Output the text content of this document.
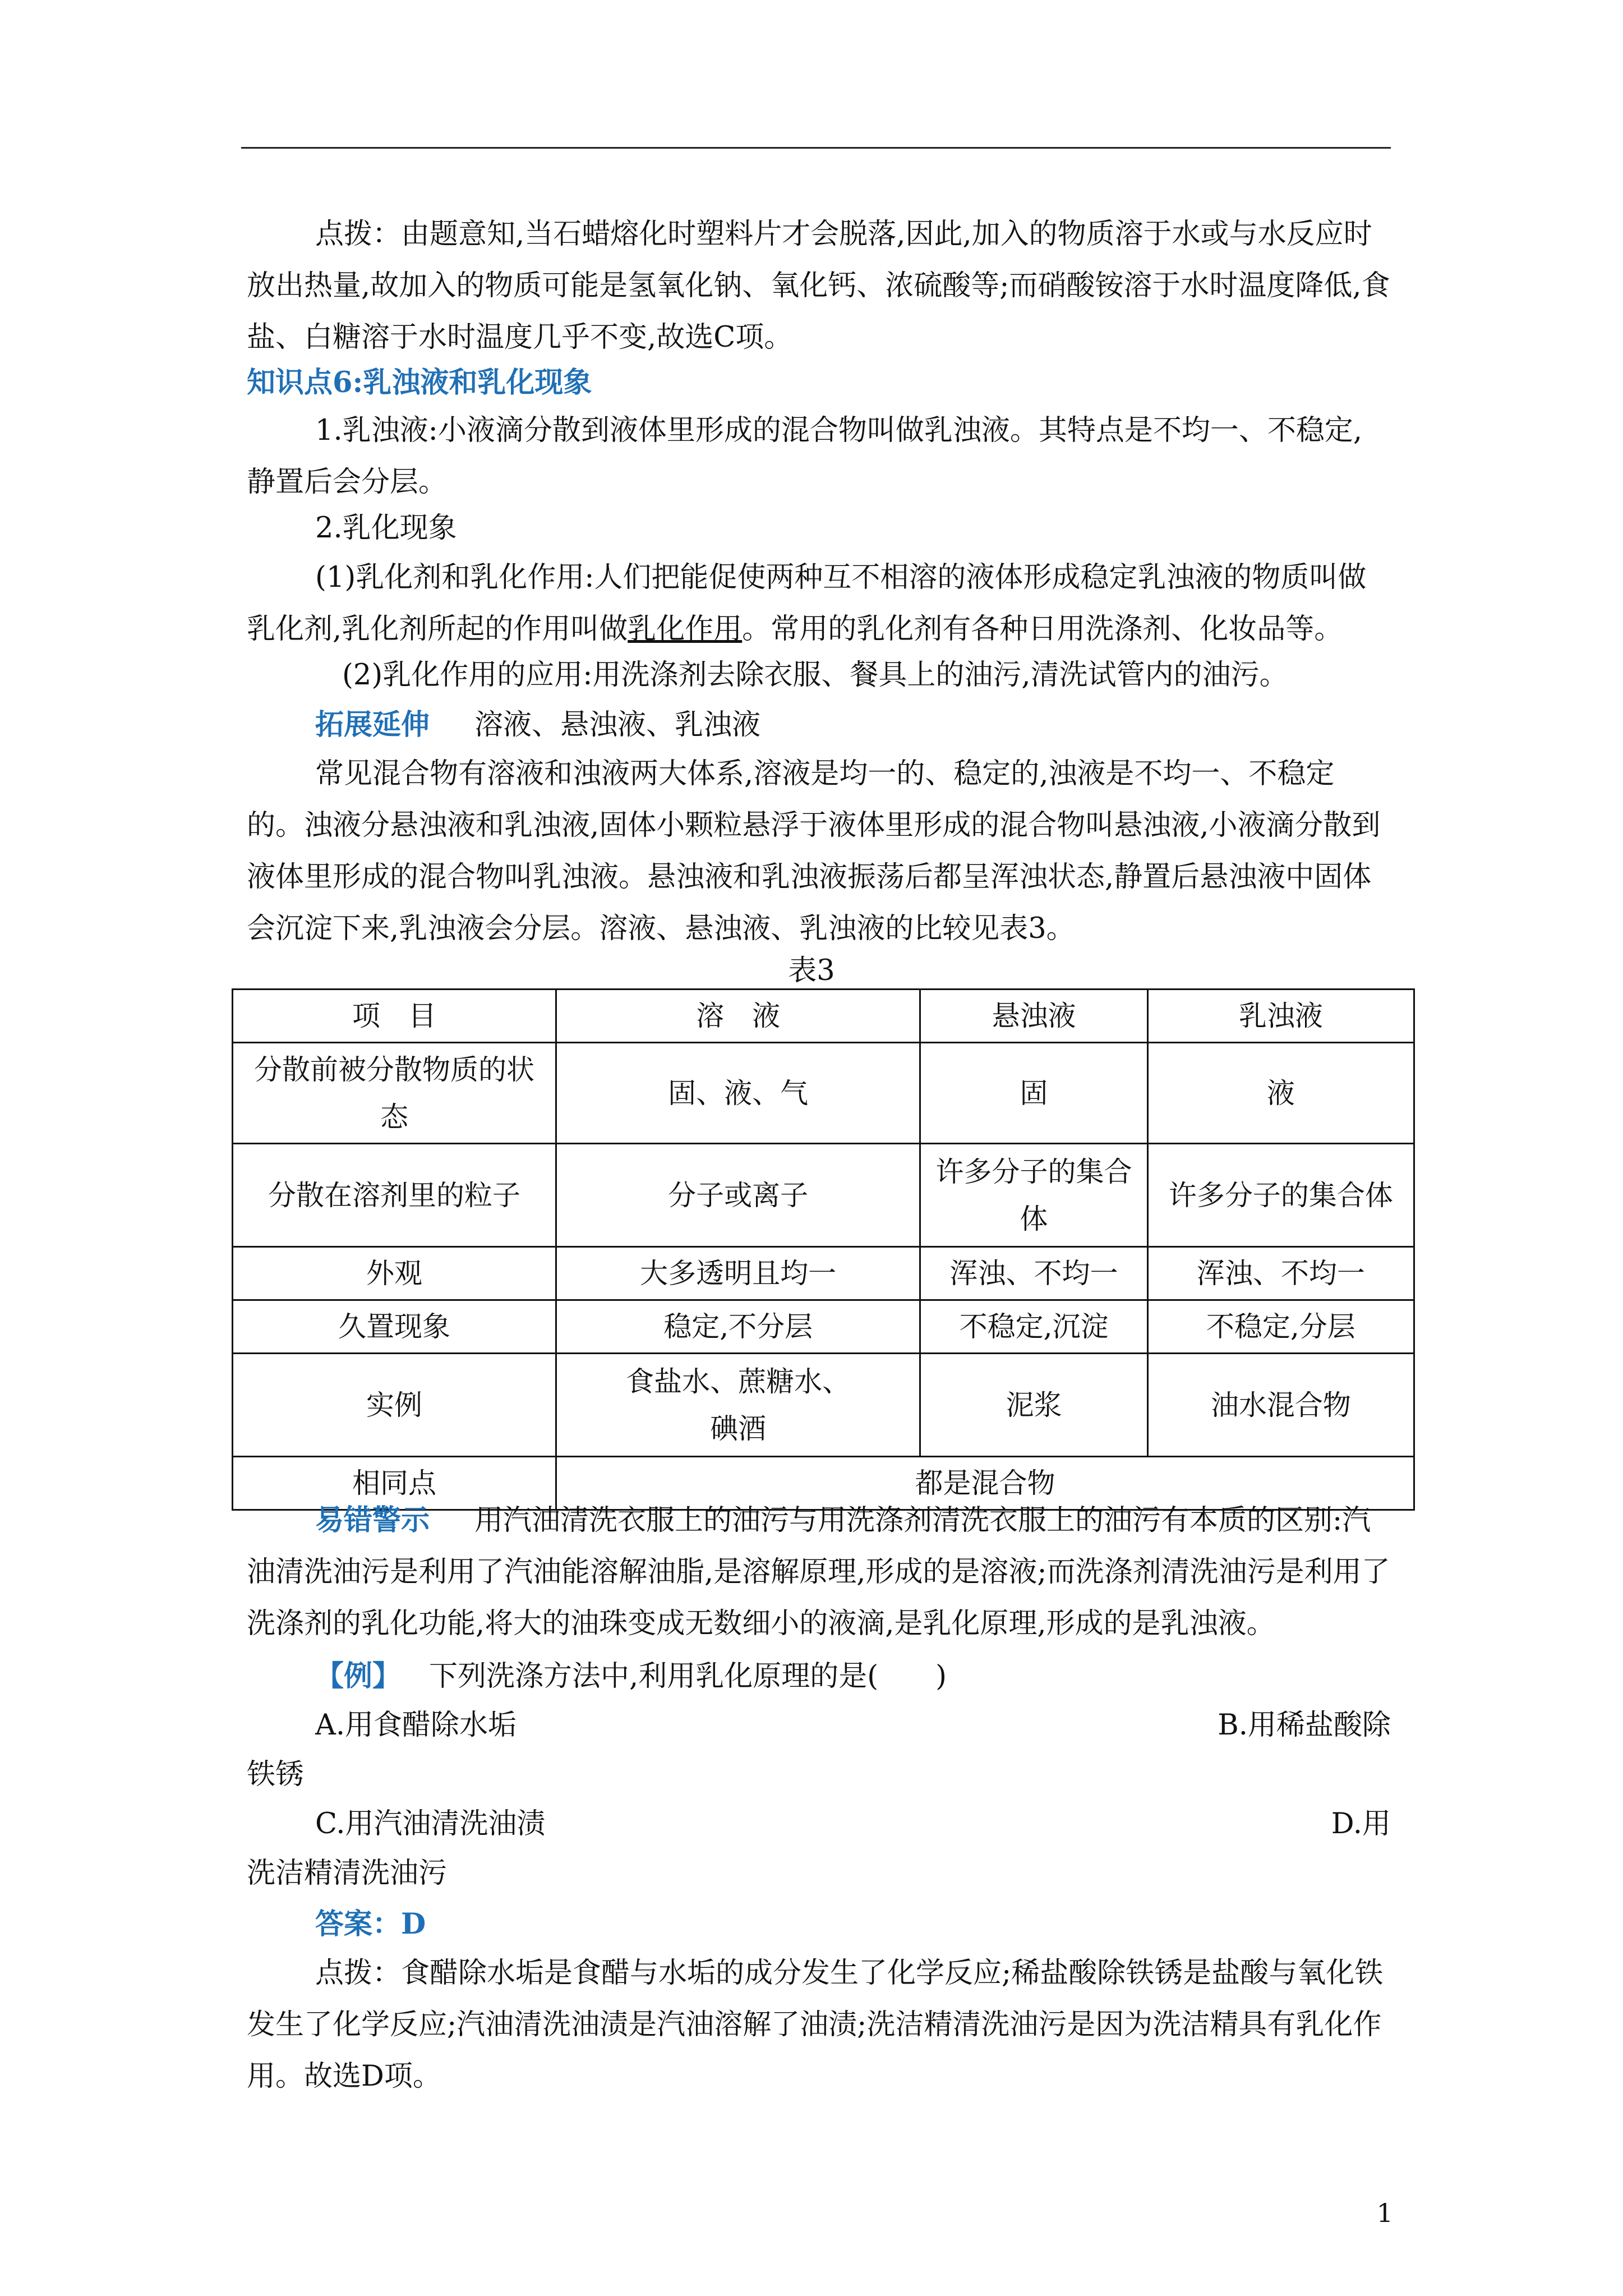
点拨：由题意知,当石蜡熔化时塑料片才会脱落,因此,加入的物质溶于水或与水反应时放出热量,故加入的物质可能是氢氧化钠、氧化钙、浓硫酸等;而硝酸铵溶于水时温度降低,食盐、白糖溶于水时温度几乎不变,故选C项。

知识点6:乳浊液和乳化现象

1.乳浊液:小液滴分散到液体里形成的混合物叫做乳浊液。其特点是不均一、不稳定,静置后会分层。

2.乳化现象

(1)乳化剂和乳化作用:人们把能促使两种互不相溶的液体形成稳定乳浊液的物质叫做乳化剂,乳化剂所起的作用叫做乳化作用。常用的乳化剂有各种日用洗涤剂、化妆品等。

(2)乳化作用的应用:用洗涤剂去除衣服、餐具上的油污,清洗试管内的油污。

拓展延伸 溶液、悬浊液、乳浊液

常见混合物有溶液和浊液两大体系,溶液是均一的、稳定的,浊液是不均一、不稳定的。浊液分悬浊液和乳浊液,固体小颗粒悬浮于液体里形成的混合物叫悬浊液,小液滴分散到液体里形成的混合物叫乳浊液。悬浊液和乳浊液振荡后都呈浑浊状态,静置后悬浊液中固体会沉淀下来,乳浊液会分层。溶液、悬浊液、乳浊液的比较见表3。

表3
项　目	溶　液	悬浊液	乳浊液
分散前被分散物质的状态	固、液、气	固	液
分散在溶剂里的粒子	分子或离子	许多分子的集合体	许多分子的集合体
外观	大多透明且均一	浑浊、不均一	浑浊、不均一
久置现象	稳定,不分层	不稳定,沉淀	不稳定,分层
实例	食盐水、蔗糖水、碘酒	泥浆	油水混合物
相同点	都是混合物		

易错警示 用汽油清洗衣服上的油污与用洗涤剂清洗衣服上的油污有本质的区别:汽油清洗油污是利用了汽油能溶解油脂,是溶解原理,形成的是溶液;而洗涤剂清洗油污是利用了洗涤剂的乳化功能,将大的油珠变成无数细小的液滴,是乳化原理,形成的是乳浊液。

【例】 下列洗涤方法中,利用乳化原理的是(　　)

A.用食醋除水垢	B.用稀盐酸除
铁锈
C.用汽油清洗油渍	D.用
洗洁精清洗油污

答案：D

点拨：食醋除水垢是食醋与水垢的成分发生了化学反应;稀盐酸除铁锈是盐酸与氧化铁发生了化学反应;汽油清洗油渍是汽油溶解了油渍;洗洁精清洗油污是因为洗洁精具有乳化作用。故选D项。

1
